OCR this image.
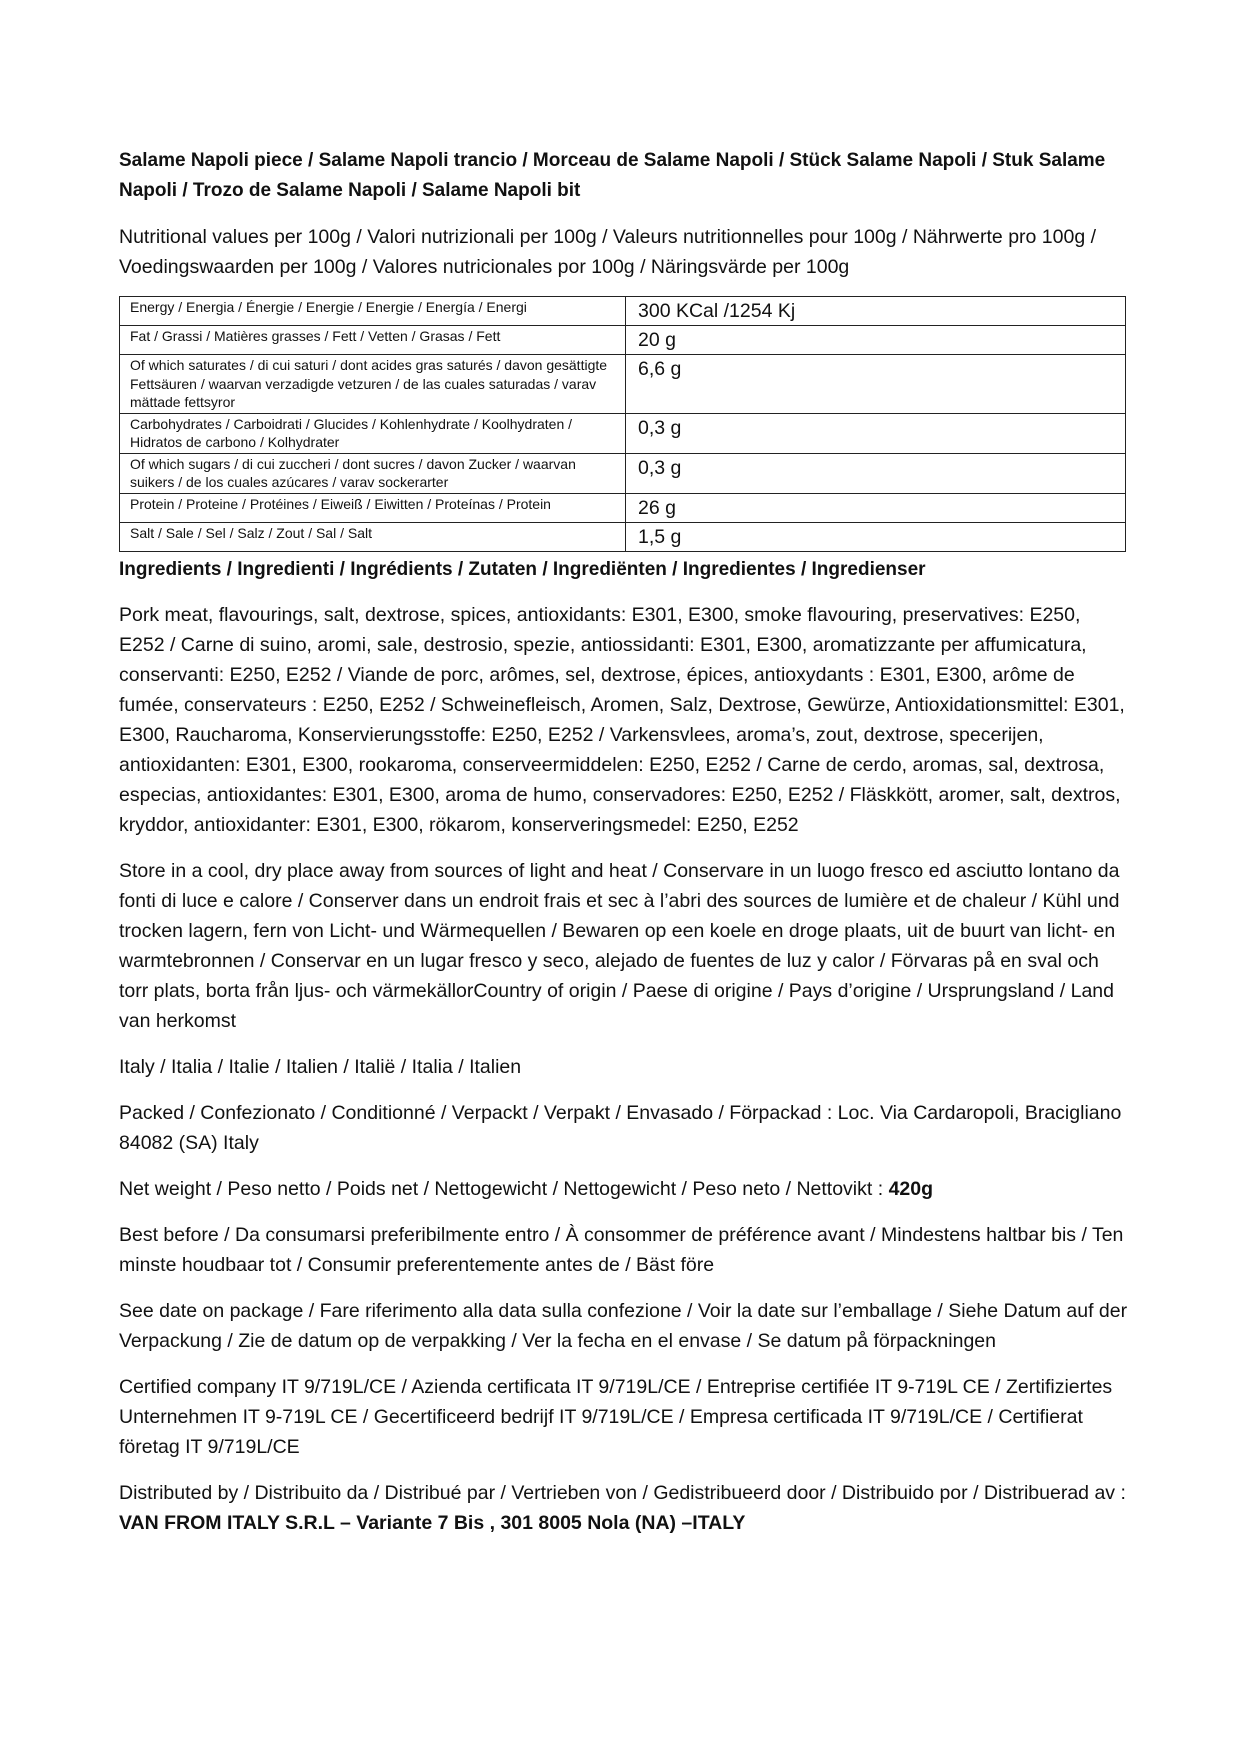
Salame Napoli piece / Salame Napoli trancio / Morceau de Salame Napoli / Stück Salame Napoli / Stuk Salame Napoli / Trozo de Salame Napoli / Salame Napoli bit

Nutritional values per 100g / Valori nutrizionali per 100g / Valeurs nutritionnelles pour 100g / Nährwerte pro 100g / Voedingswaarden per 100g / Valores nutricionales por 100g / Näringsvärde per 100g

Energy / Energia / Énergie / Energie / Energie / Energía / Energi	300 KCal /1254 Kj
Fat / Grassi / Matières grasses / Fett / Vetten / Grasas / Fett	20 g
Of which saturates / di cui saturi / dont acides gras saturés / davon gesättigte Fettsäuren / waarvan verzadigde vetzuren / de las cuales saturadas / varav mättade fettsyror	6,6 g
Carbohydrates / Carboidrati / Glucides / Kohlenhydrate / Koolhydraten / Hidratos de carbono / Kolhydrater	0,3 g
Of which sugars / di cui zuccheri / dont sucres / davon Zucker / waarvan suikers / de los cuales azúcares / varav sockerarter	0,3 g
Protein / Proteine / Protéines / Eiweiß / Eiwitten / Proteínas / Protein	26 g
Salt / Sale / Sel / Salz / Zout / Sal / Salt	1,5 g

Ingredients / Ingredienti / Ingrédients / Zutaten / Ingrediënten / Ingredientes / Ingredienser

Pork meat, flavourings, salt, dextrose, spices, antioxidants: E301, E300, smoke flavouring, preservatives: E250, E252 / Carne di suino, aromi, sale, destrosio, spezie, antiossidanti: E301, E300, aromatizzante per affumicatura, conservanti: E250, E252 / Viande de porc, arômes, sel, dextrose, épices, antioxydants : E301, E300, arôme de fumée, conservateurs : E250, E252 / Schweinefleisch, Aromen, Salz, Dextrose, Gewürze, Antioxidationsmittel: E301, E300, Raucharoma, Konservierungsstoffe: E250, E252 / Varkensvlees, aroma’s, zout, dextrose, specerijen, antioxidanten: E301, E300, rookaroma, conserveermiddelen: E250, E252 / Carne de cerdo, aromas, sal, dextrosa, especias, antioxidantes: E301, E300, aroma de humo, conservadores: E250, E252 / Fläskkött, aromer, salt, dextros, kryddor, antioxidanter: E301, E300, rökarom, konserveringsmedel: E250, E252

Store in a cool, dry place away from sources of light and heat / Conservare in un luogo fresco ed asciutto lontano da fonti di luce e calore / Conserver dans un endroit frais et sec à l’abri des sources de lumière et de chaleur / Kühl und trocken lagern, fern von Licht- und Wärmequellen / Bewaren op een koele en droge plaats, uit de buurt van licht- en warmtebronnen / Conservar en un lugar fresco y seco, alejado de fuentes de luz y calor / Förvaras på en sval och torr plats, borta från ljus- och värmekällorCountry of origin / Paese di origine / Pays d’origine / Ursprungsland / Land van herkomst

Italy / Italia / Italie / Italien / Italië / Italia / Italien

Packed / Confezionato / Conditionné / Verpackt / Verpakt / Envasado / Förpackad : Loc. Via Cardaropoli, Bracigliano 84082 (SA) Italy

Net weight / Peso netto / Poids net / Nettogewicht / Nettogewicht / Peso neto / Nettovikt : 420g

Best before / Da consumarsi preferibilmente entro / À consommer de préférence avant / Mindestens haltbar bis / Ten minste houdbaar tot / Consumir preferentemente antes de / Bäst före

See date on package / Fare riferimento alla data sulla confezione / Voir la date sur l’emballage / Siehe Datum auf der Verpackung / Zie de datum op de verpakking / Ver la fecha en el envase / Se datum på förpackningen

Certified company IT 9/719L/CE / Azienda certificata IT 9/719L/CE / Entreprise certifiée IT 9-719L CE / Zertifiziertes Unternehmen IT 9-719L CE / Gecertificeerd bedrijf IT 9/719L/CE / Empresa certificada IT 9/719L/CE / Certifierat företag IT 9/719L/CE

Distributed by / Distribuito da / Distribué par / Vertrieben von / Gedistribueerd door / Distribuido por / Distribuerad av : VAN FROM ITALY S.R.L – Variante 7 Bis , 301 8005 Nola (NA) –ITALY
